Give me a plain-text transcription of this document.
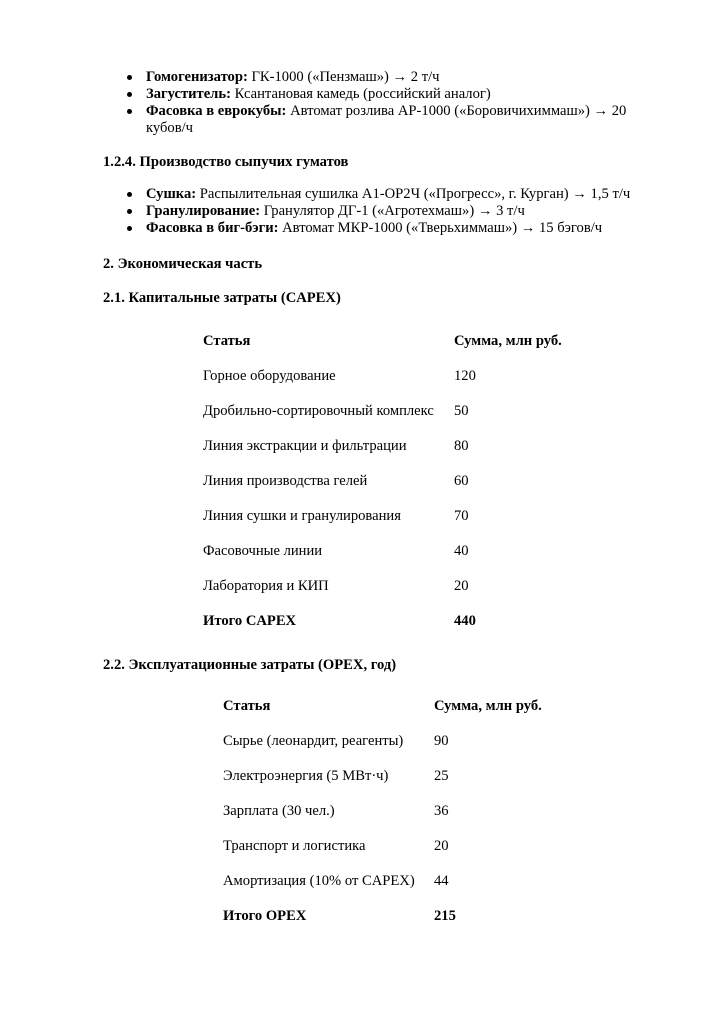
Гомогенизатор: ГК-1000 («Пензмаш») → 2 т/ч
Загуститель: Ксантановая камедь (российский аналог)
Фасовка в еврокубы: Автомат розлива АР-1000 («Боровичихиммаш») → 20 кубов/ч
1.2.4. Производство сыпучих гуматов
Сушка: Распылительная сушилка А1-ОР2Ч («Прогресс», г. Курган) → 1,5 т/ч
Гранулирование: Гранулятор ДГ-1 («Агротехмаш») → 3 т/ч
Фасовка в биг-бэги: Автомат МКР-1000 («Тверьхиммаш») → 15 бэгов/ч
2. Экономическая часть
2.1. Капитальные затраты (CAPEX)
Статья	Сумма, млн руб.
Горное оборудование	120
Дробильно-сортировочный комплекс 50
Линия экстракции и фильтрации	80
Линия производства гелей	60
Линия сушки и гранулирования	70
Фасовочные линии	40
Лаборатория и КИП	20
Итого CAPEX	440
2.2. Эксплуатационные затраты (OPEX, год)
Статья	Сумма, млн руб.
Сырье (леонардит, реагенты) 90
Электроэнергия (5 МВт·ч)	25
Зарплата (30 чел.)	36
Транспорт и логистика	20
Амортизация (10% от CAPEX) 44
Итого OPEX	215
